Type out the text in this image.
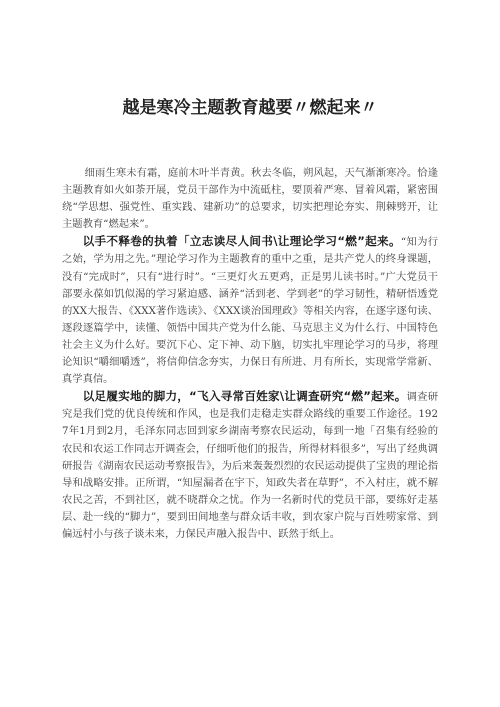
越是寒冷主题教育越要〃燃起来〃

细雨生寒未有霜，庭前木叶半青黄。秋去冬临，朔风起，天气渐渐寒冷。恰逢主题教育如火如荼开展，党员干部作为中流砥柱，要顶着严寒、冒着风霜，紧密围绕“学思想、强党性、重实践、建新功”的总要求，切实把理论夯实、荆棘劈开，让主题教育“燃起来”。

以手不释卷的执着「立志读尽人间书\让理论学习“燃”起来。“知为行之始，学为用之先。”理论学习作为主题教育的重中之重，是共产党人的终身课题，没有“完成时”，只有“进行时”。“三更灯火五更鸡，正是男儿读书时。”广大党员干部要永葆如饥似渴的学习紧迫感、涵养“活到老、学到老”的学习韧性，精研悟透党的XX大报告、《XXX著作选读》、《XXX谈治国理政》等相关内容，在逐字逐句读、逐段逐篇学中，读懂、领悟中国共产党为什么能、马克思主义为什么行、中国特色社会主义为什么好。要沉下心、定下神、动下脑，切实扎牢理论学习的马步，将理论知识“嚼细嚼透”，将信仰信念夯实，力保日有所进、月有所长，实现常学常新、真学真信。

以足履实地的脚力，“飞入寻常百姓家\让调查研究“燃”起来。调查研究是我们党的优良传统和作风，也是我们走稳走实群众路线的重要工作途径。1927年1月到2月，毛泽东同志回到家乡湖南考察农民运动，每到一地「召集有经验的农民和农运工作同志开调查会，仔细听他们的报告，所得材料很多”，写出了经典调研报告《湖南农民运动考察报告》，为后来轰轰烈烈的农民运动提供了宝贵的理论指导和战略安排。正所谓，“知屋漏者在宇下，知政失者在草野”，不入村庄，就不解农民之苦，不到社区，就不晓群众之忧。作为一名新时代的党员干部，要练好走基层、赴一线的“脚力”，要到田间地垄与群众话丰收，到农家户院与百姓唠家常、到偏远村小与孩子谈未来，力保民声融入报告中、跃然于纸上。
